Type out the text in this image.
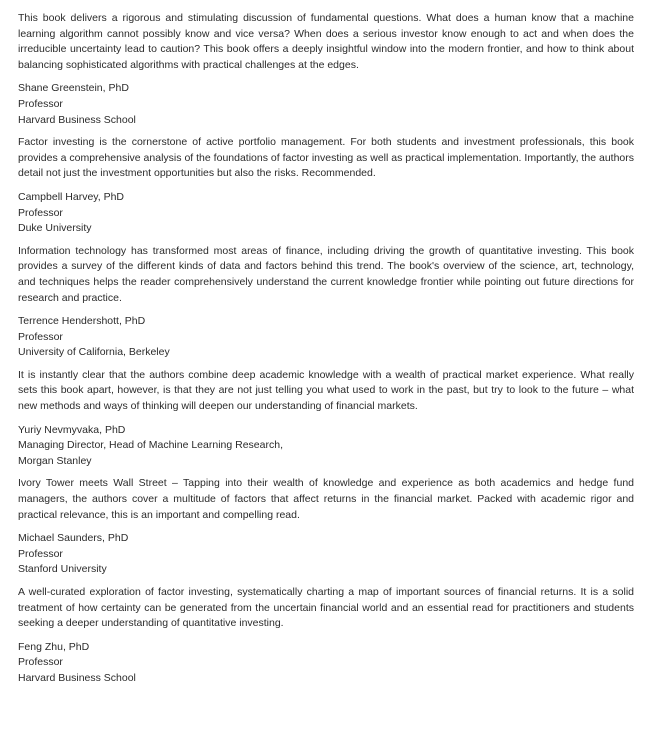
This book delivers a rigorous and stimulating discussion of fundamental questions. What does a human know that a machine learning algorithm cannot possibly know and vice versa? When does a serious investor know enough to act and when does the irreducible uncertainty lead to caution? This book offers a deeply insightful window into the modern frontier, and how to think about balancing sophisticated algorithms with practical challenges at the edges.

Shane Greenstein, PhD
Professor
Harvard Business School

Factor investing is the cornerstone of active portfolio management. For both students and investment professionals, this book provides a comprehensive analysis of the foundations of factor investing as well as practical implementation. Importantly, the authors detail not just the investment opportunities but also the risks. Recommended.

Campbell Harvey, PhD
Professor
Duke University

Information technology has transformed most areas of finance, including driving the growth of quantitative investing. This book provides a survey of the different kinds of data and factors behind this trend. The book's overview of the science, art, technology, and techniques helps the reader comprehensively understand the current knowledge frontier while pointing out future directions for research and practice.

Terrence Hendershott, PhD
Professor
University of California, Berkeley

It is instantly clear that the authors combine deep academic knowledge with a wealth of practical market experience. What really sets this book apart, however, is that they are not just telling you what used to work in the past, but try to look to the future – what new methods and ways of thinking will deepen our understanding of financial markets.

Yuriy Nevmyvaka, PhD
Managing Director, Head of Machine Learning Research,
Morgan Stanley

Ivory Tower meets Wall Street – Tapping into their wealth of knowledge and experience as both academics and hedge fund managers, the authors cover a multitude of factors that affect returns in the financial market. Packed with academic rigor and practical relevance, this is an important and compelling read.

Michael Saunders, PhD
Professor
Stanford University

A well-curated exploration of factor investing, systematically charting a map of important sources of financial returns. It is a solid treatment of how certainty can be generated from the uncertain financial world and an essential read for practitioners and students seeking a deeper understanding of quantitative investing.

Feng Zhu, PhD
Professor
Harvard Business School
